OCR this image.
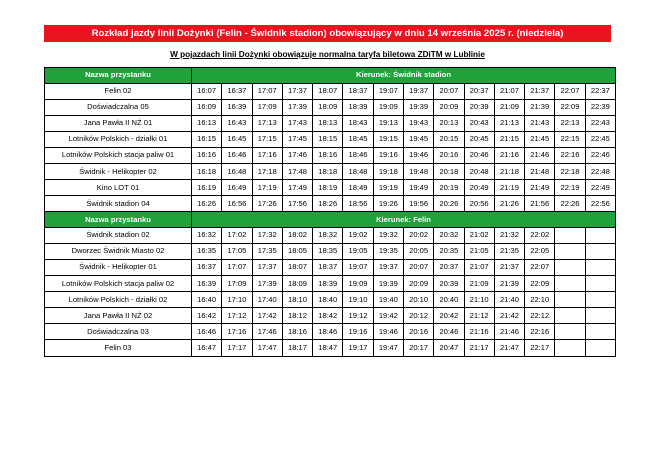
Rozkład jazdy linii Dożynki (Felin - Świdnik stadion) obowiązujący w dniu 14 września 2025 r. (niedziela)
W pojazdach linii Dożynki obowiązuje normalna taryfa biletowa ZDiTM w Lublinie
Nazwa przystanku	Kierunek: Świdnik stadion													
Felin 02	16:07	16:37	17:07	17:37	18:07	18:37	19:07	19:37	20:07	20:37	21:07	21:37	22:07	22:37
Doświadczalna 05	16:09	16:39	17:09	17:39	18:09	18:39	19:09	19:39	20:09	20:39	21:09	21:39	22:09	22:39
Jana Pawła II NŻ 01	16:13	16:43	17:13	17:43	18:13	18:43	19:13	19:43	20:13	20:43	21:13	21:43	22:13	22:43
Lotników Polskich - działki 01	16:15	16:45	17:15	17:45	18:15	18:45	19:15	19:45	20:15	20:45	21:15	21:45	22:15	22:45
Lotników Polskich stacja paliw 01	16:16	16:46	17:16	17:46	18:16	18:46	19:16	19:46	20:16	20:46	21:16	21:46	22:16	22:46
Świdnik - Helikopter 02	16:18	16:48	17:18	17:48	18:18	18:48	19:18	19:48	20:18	20:48	21:18	21:48	22:18	22:48
Kino LOT 01	16:19	16:49	17:19	17:49	18:19	18:49	19:19	19:49	20:19	20:49	21:19	21:49	22:19	22:49
Świdnik stadion 04	16:26	16:56	17:26	17:56	18:26	18:56	19:26	19:56	20:26	20:56	21:26	21:56	22:26	22:56
Nazwa przystanku	Kierunek: Felin													
Świdnik stadion 02	16:32	17:02	17:32	18:02	18:32	19:02	19:32	20:02	20:32	21:02	21:32	22:02		
Dworzec Świdnik Miasto 02	16:35	17:05	17:35	18:05	18:35	19:05	19:35	20:05	20:35	21:05	21:35	22:05		
Świdnik - Helikopter 01	16:37	17:07	17:37	18:07	18:37	19:07	19:37	20:07	20:37	21:07	21:37	22:07		
Lotników Polskich stacja paliw 02	16:39	17:09	17:39	18:09	18:39	19:09	19:39	20:09	20:39	21:09	21:39	22:09		
Lotników Polskich - działki 02	16:40	17:10	17:40	18:10	18:40	19:10	19:40	20:10	20:40	21:10	21:40	22:10		
Jana Pawła II NŻ 02	16:42	17:12	17:42	18:12	18:42	19:12	19:42	20:12	20:42	21:12	21:42	22:12		
Doświadczalna 03	16:46	17:16	17:46	18:16	18:46	19:16	19:46	20:16	20:46	21:16	21:46	22:16		
Felin 03	16:47	17:17	17:47	18:17	18:47	19:17	19:47	20:17	20:47	21:17	21:47	22:17		
